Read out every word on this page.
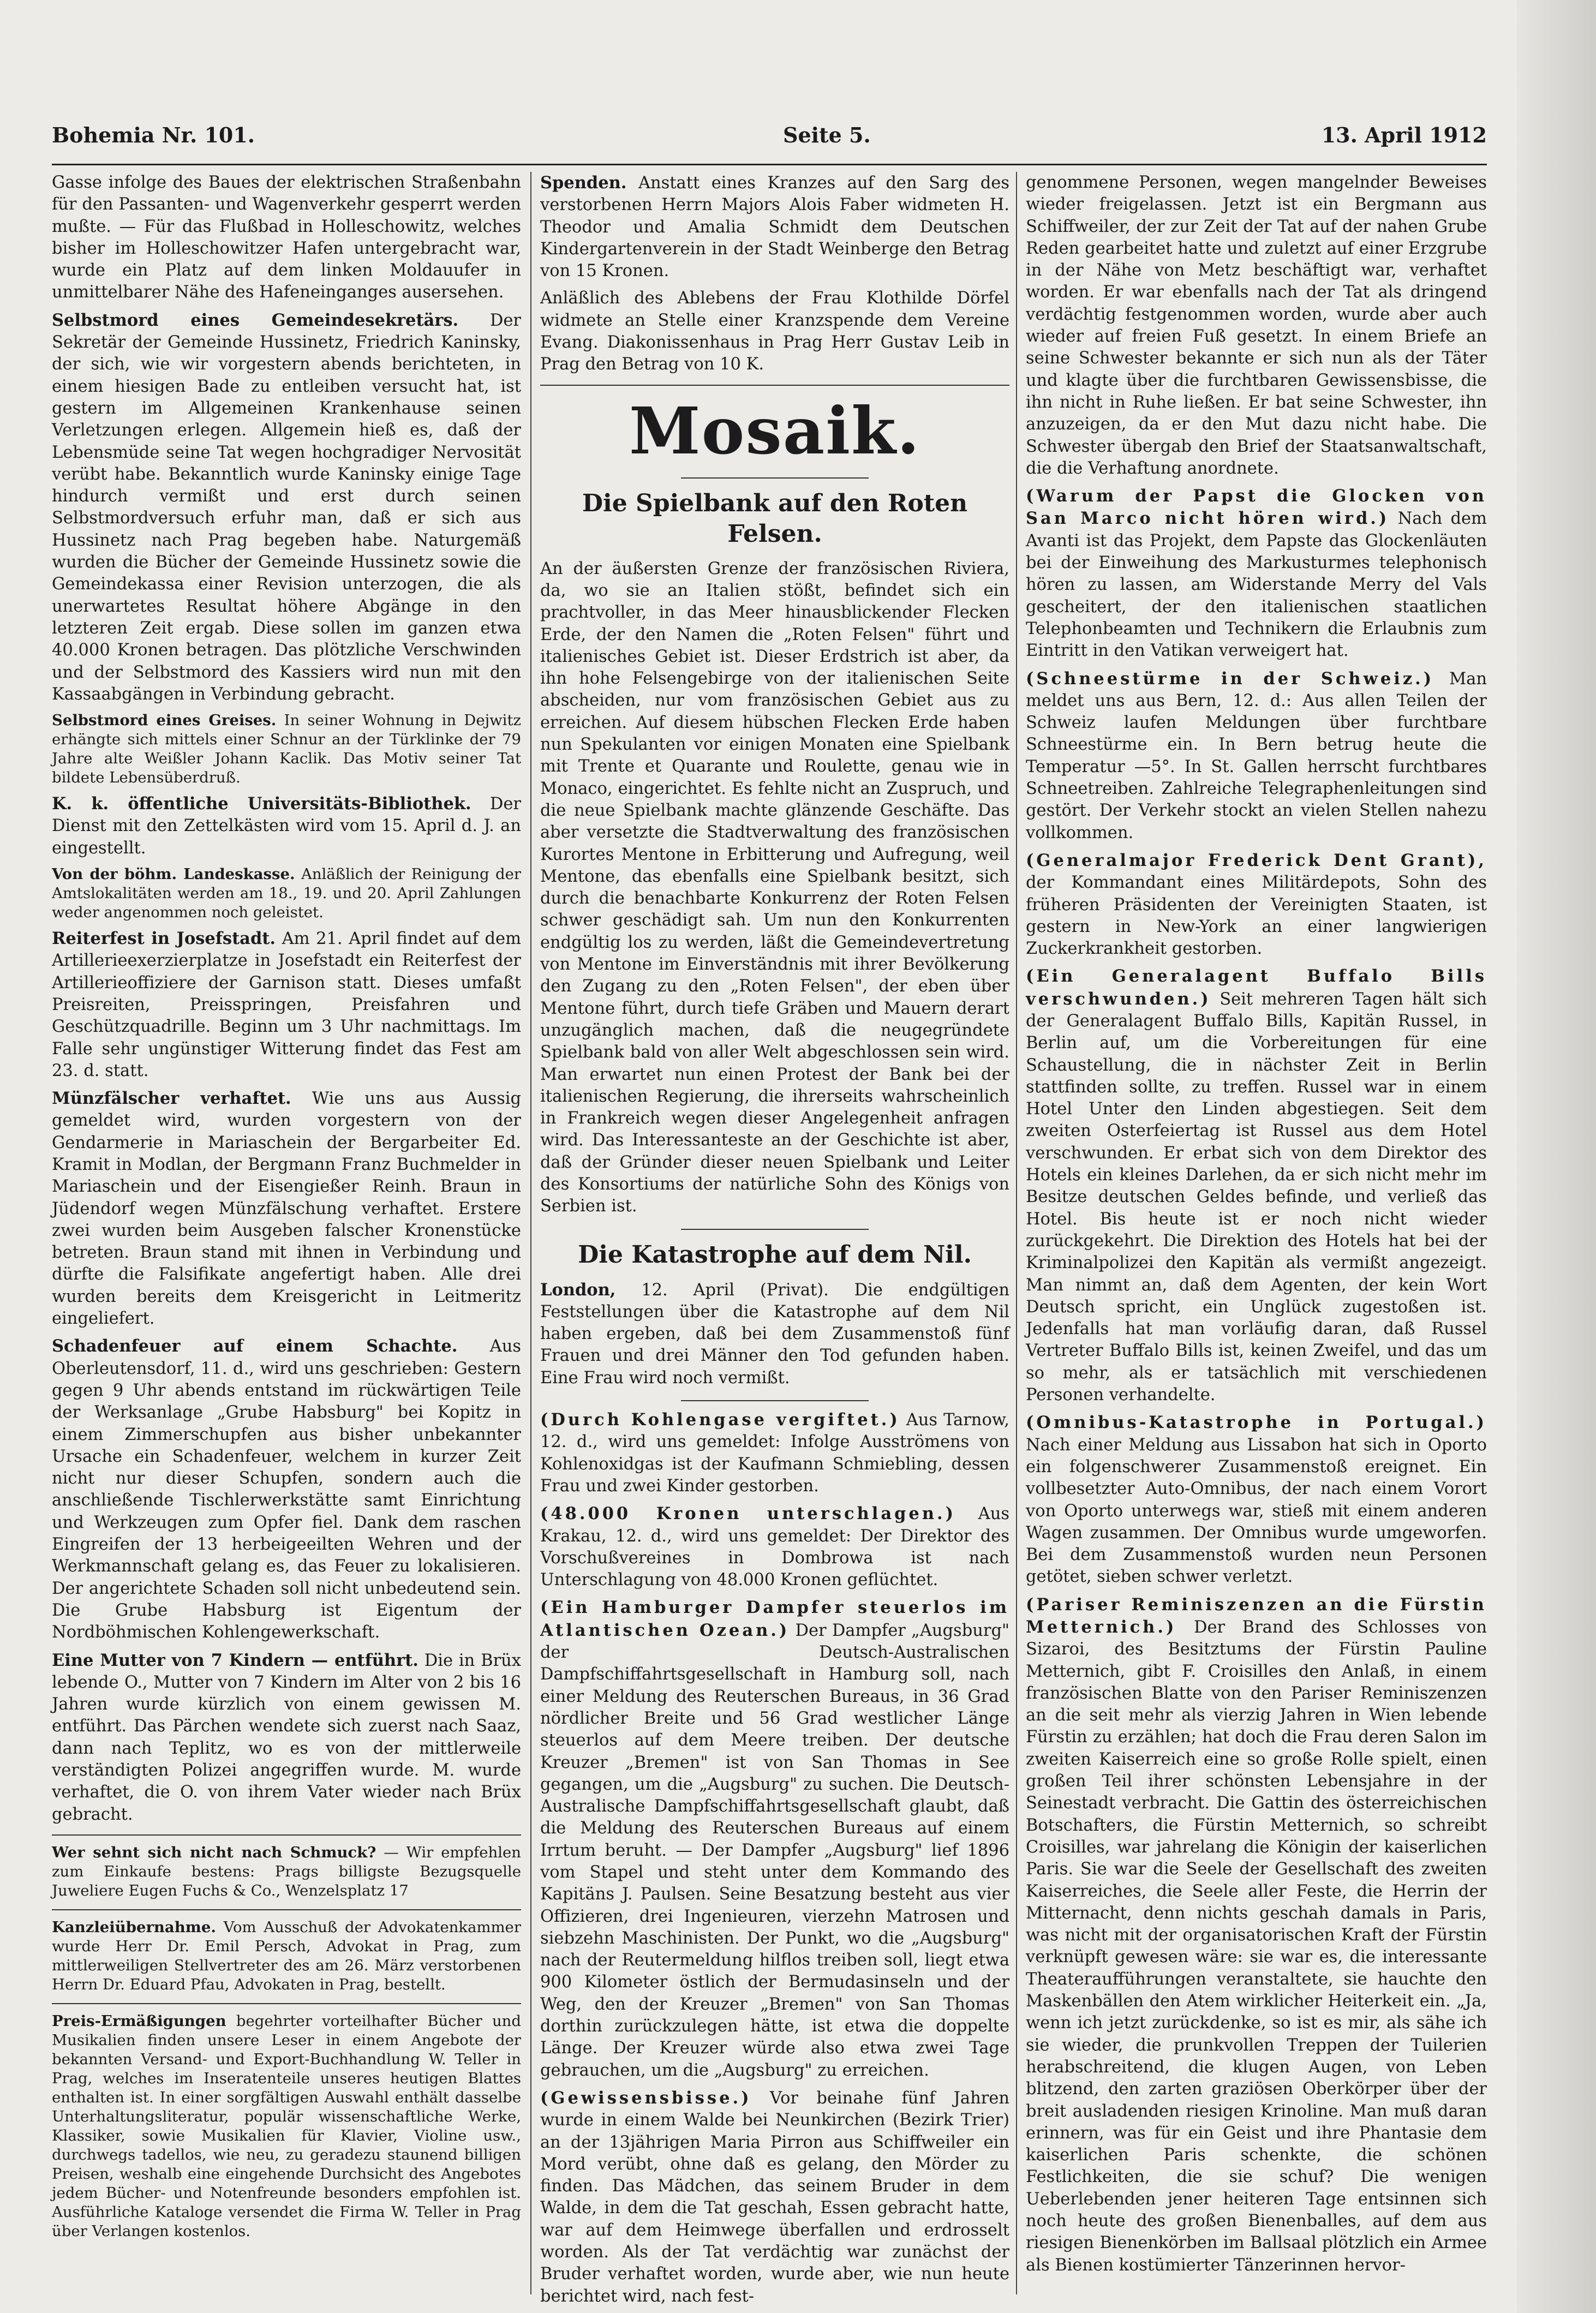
Bohemia Nr. 101.	Seite 5.	13. April 1912

Gasse infolge des Baues der elektrischen Straßenbahn für den Passanten- und Wagenverkehr gesperrt werden mußte. — Für das Flußbad in Holleschowitz, welches bisher im Holleschowitzer Hafen untergebracht war, wurde ein Platz auf dem linken Moldauufer in unmittelbarer Nähe des Hafeneinganges ausersehen.

Selbstmord eines Gemeindesekretärs. Der Sekretär der Gemeinde Hussinetz, Friedrich Kaninsky, der sich, wie wir vorgestern abends berichteten, in einem hiesigen Bade zu entleiben versucht hat, ist gestern im Allgemeinen Krankenhause seinen Verletzungen erlegen. Allgemein hieß es, daß der Lebensmüde seine Tat wegen hochgradiger Nervosität verübt habe. Bekanntlich wurde Kaninsky einige Tage hindurch vermißt und erst durch seinen Selbstmordversuch erfuhr man, daß er sich aus Hussinetz nach Prag begeben habe. Naturgemäß wurden die Bücher der Gemeinde Hussinetz sowie die Gemeindekassa einer Revision unterzogen, die als unerwartetes Resultat höhere Abgänge in den letzteren Zeit ergab. Diese sollen im ganzen etwa 40.000 Kronen betragen. Das plötzliche Verschwinden und der Selbstmord des Kassiers wird nun mit den Kassaabgängen in Verbindung gebracht.

Selbstmord eines Greises. In seiner Wohnung in Dejwitz erhängte sich mittels einer Schnur an der Türklinke der 79 Jahre alte Weißler Johann Kaclik. Das Motiv seiner Tat bildete Lebensüberdruß.

K. k. öffentliche Universitäts-Bibliothek. Der Dienst mit den Zettelkästen wird vom 15. April d. J. an eingestellt.

Von der böhm. Landeskasse. Anläßlich der Reinigung der Amtslokalitäten werden am 18., 19. und 20. April Zahlungen weder angenommen noch geleistet.

Reiterfest in Josefstadt. Am 21. April findet auf dem Artillerieexerzierplatze in Josefstadt ein Reiterfest der Artillerieoffiziere der Garnison statt. Dieses umfaßt Preisreiten, Preisspringen, Preisfahren und Geschützquadrille. Beginn um 3 Uhr nachmittags. Im Falle sehr ungünstiger Witterung findet das Fest am 23. d. statt.

Münzfälscher verhaftet. Wie uns aus Aussig gemeldet wird, wurden vorgestern von der Gendarmerie in Mariaschein der Bergarbeiter Ed. Kramit in Modlan, der Bergmann Franz Buchmelder in Mariaschein und der Eisengießer Reinh. Braun in Jüdendorf wegen Münzfälschung verhaftet. Erstere zwei wurden beim Ausgeben falscher Kronenstücke betreten. Braun stand mit ihnen in Verbindung und dürfte die Falsifikate angefertigt haben. Alle drei wurden bereits dem Kreisgericht in Leitmeritz eingeliefert.

Schadenfeuer auf einem Schachte. Aus Oberleutensdorf, 11. d., wird uns geschrieben: Gestern gegen 9 Uhr abends entstand im rückwärtigen Teile der Werksanlage „Grube Habsburg" bei Kopitz in einem Zimmerschupfen aus bisher unbekannter Ursache ein Schadenfeuer, welchem in kurzer Zeit nicht nur dieser Schupfen, sondern auch die anschließende Tischlerwerkstätte samt Einrichtung und Werkzeugen zum Opfer fiel. Dank dem raschen Eingreifen der 13 herbeigeeilten Wehren und der Werkmannschaft gelang es, das Feuer zu lokalisieren. Der angerichtete Schaden soll nicht unbedeutend sein. Die Grube Habsburg ist Eigentum der Nordböhmischen Kohlengewerkschaft.

Eine Mutter von 7 Kindern — entführt. Die in Brüx lebende O., Mutter von 7 Kindern im Alter von 2 bis 16 Jahren wurde kürzlich von einem gewissen M. entführt. Das Pärchen wendete sich zuerst nach Saaz, dann nach Teplitz, wo es von der mittlerweile verständigten Polizei angegriffen wurde. M. wurde verhaftet, die O. von ihrem Vater wieder nach Brüx gebracht.

Wer sehnt sich nicht nach Schmuck? — Wir empfehlen zum Einkaufe bestens: Prags billigste Bezugsquelle Juweliere Eugen Fuchs & Co., Wenzelsplatz 17

Kanzleiübernahme. Vom Ausschuß der Advokatenkammer wurde Herr Dr. Emil Persch, Advokat in Prag, zum mittlerweiligen Stellvertreter des am 26. März verstorbenen Herrn Dr. Eduard Pfau, Advokaten in Prag, bestellt.

Preis-Ermäßigungen begehrter vorteilhafter Bücher und Musikalien finden unsere Leser in einem Angebote der bekannten Versand- und Export-Buchhandlung W. Teller in Prag, welches im Inseratenteile unseres heutigen Blattes enthalten ist. In einer sorgfältigen Auswahl enthält dasselbe Unterhaltungsliteratur, populär wissenschaftliche Werke, Klassiker, sowie Musikalien für Klavier, Violine usw., durchwegs tadellos, wie neu, zu geradezu staunend billigen Preisen, weshalb eine eingehende Durchsicht des Angebotes jedem Bücher- und Notenfreunde besonders empfohlen ist. Ausführliche Kataloge versendet die Firma W. Teller in Prag über Verlangen kostenlos.

Spenden. Anstatt eines Kranzes auf den Sarg des verstorbenen Herrn Majors Alois Faber widmeten H. Theodor und Amalia Schmidt dem Deutschen Kindergartenverein in der Stadt Weinberge den Betrag von 15 Kronen.

Anläßlich des Ablebens der Frau Klothilde Dörfel widmete an Stelle einer Kranzspende dem Vereine Evang. Diakonissenhaus in Prag Herr Gustav Leib in Prag den Betrag von 10 K.

Mosaik.
Die Spielbank auf den Roten Felsen.

An der äußersten Grenze der französischen Riviera, da, wo sie an Italien stößt, befindet sich ein prachtvoller, in das Meer hinausblickender Flecken Erde, der den Namen die „Roten Felsen" führt und italienisches Gebiet ist. Dieser Erdstrich ist aber, da ihn hohe Felsengebirge von der italienischen Seite abscheiden, nur vom französischen Gebiet aus zu erreichen. Auf diesem hübschen Flecken Erde haben nun Spekulanten vor einigen Monaten eine Spielbank mit Trente et Quarante und Roulette, genau wie in Monaco, eingerichtet. Es fehlte nicht an Zuspruch, und die neue Spielbank machte glänzende Geschäfte. Das aber versetzte die Stadtverwaltung des französischen Kurortes Mentone in Erbitterung und Aufregung, weil Mentone, das ebenfalls eine Spielbank besitzt, sich durch die benachbarte Konkurrenz der Roten Felsen schwer geschädigt sah. Um nun den Konkurrenten endgültig los zu werden, läßt die Gemeindevertretung von Mentone im Einverständnis mit ihrer Bevölkerung den Zugang zu den „Roten Felsen", der eben über Mentone führt, durch tiefe Gräben und Mauern derart unzugänglich machen, daß die neugegründete Spielbank bald von aller Welt abgeschlossen sein wird. Man erwartet nun einen Protest der Bank bei der italienischen Regierung, die ihrerseits wahrscheinlich in Frankreich wegen dieser Angelegenheit anfragen wird. Das Interessanteste an der Geschichte ist aber, daß der Gründer dieser neuen Spielbank und Leiter des Konsortiums der natürliche Sohn des Königs von Serbien ist.

Die Katastrophe auf dem Nil.

London, 12. April (Privat). Die endgültigen Feststellungen über die Katastrophe auf dem Nil haben ergeben, daß bei dem Zusammenstoß fünf Frauen und drei Männer den Tod gefunden haben. Eine Frau wird noch vermißt.

(Durch Kohlengase vergiftet.) Aus Tarnow, 12. d., wird uns gemeldet: Infolge Ausströmens von Kohlenoxidgas ist der Kaufmann Schmiebling, dessen Frau und zwei Kinder gestorben.

(48.000 Kronen unterschlagen.) Aus Krakau, 12. d., wird uns gemeldet: Der Direktor des Vorschußvereines in Dombrowa ist nach Unterschlagung von 48.000 Kronen geflüchtet.

(Ein Hamburger Dampfer steuerlos im Atlantischen Ozean.) Der Dampfer „Augsburg" der Deutsch-Australischen Dampfschiffahrtsgesellschaft in Hamburg soll, nach einer Meldung des Reuterschen Bureaus, in 36 Grad nördlicher Breite und 56 Grad westlicher Länge steuerlos auf dem Meere treiben. Der deutsche Kreuzer „Bremen" ist von San Thomas in See gegangen, um die „Augsburg" zu suchen. Die Deutsch-Australische Dampfschiffahrtsgesellschaft glaubt, daß die Meldung des Reuterschen Bureaus auf einem Irrtum beruht. — Der Dampfer „Augsburg" lief 1896 vom Stapel und steht unter dem Kommando des Kapitäns J. Paulsen. Seine Besatzung besteht aus vier Offizieren, drei Ingenieuren, vierzehn Matrosen und siebzehn Maschinisten. Der Punkt, wo die „Augsburg" nach der Reutermeldung hilflos treiben soll, liegt etwa 900 Kilometer östlich der Bermudasinseln und der Weg, den der Kreuzer „Bremen" von San Thomas dorthin zurückzulegen hätte, ist etwa die doppelte Länge. Der Kreuzer würde also etwa zwei Tage gebrauchen, um die „Augsburg" zu erreichen.

(Gewissensbisse.) Vor beinahe fünf Jahren wurde in einem Walde bei Neunkirchen (Bezirk Trier) an der 13jährigen Maria Pirron aus Schiffweiler ein Mord verübt, ohne daß es gelang, den Mörder zu finden. Das Mädchen, das seinem Bruder in dem Walde, in dem die Tat geschah, Essen gebracht hatte, war auf dem Heimwege überfallen und erdrosselt worden. Als der Tat verdächtig war zunächst der Bruder verhaftet worden, wurde aber, wie nun heute berichtet wird, nach fest-

genommene Personen, wegen mangelnder Beweises wieder freigelassen. Jetzt ist ein Bergmann aus Schiffweiler, der zur Zeit der Tat auf der nahen Grube Reden gearbeitet hatte und zuletzt auf einer Erzgrube in der Nähe von Metz beschäftigt war, verhaftet worden. Er war ebenfalls nach der Tat als dringend verdächtig festgenommen worden, wurde aber auch wieder auf freien Fuß gesetzt. In einem Briefe an seine Schwester bekannte er sich nun als der Täter und klagte über die furchtbaren Gewissensbisse, die ihn nicht in Ruhe ließen. Er bat seine Schwester, ihn anzuzeigen, da er den Mut dazu nicht habe. Die Schwester übergab den Brief der Staatsanwaltschaft, die die Verhaftung anordnete.

(Warum der Papst die Glocken von San Marco nicht hören wird.) Nach dem Avanti ist das Projekt, dem Papste das Glockenläuten bei der Einweihung des Markusturmes telephonisch hören zu lassen, am Widerstande Merry del Vals gescheitert, der den italienischen staatlichen Telephonbeamten und Technikern die Erlaubnis zum Eintritt in den Vatikan verweigert hat.

(Schneestürme in der Schweiz.) Man meldet uns aus Bern, 12. d.: Aus allen Teilen der Schweiz laufen Meldungen über furchtbare Schneestürme ein. In Bern betrug heute die Temperatur —5°. In St. Gallen herrscht furchtbares Schneetreiben. Zahlreiche Telegraphenleitungen sind gestört. Der Verkehr stockt an vielen Stellen nahezu vollkommen.

(Generalmajor Frederick Dent Grant), der Kommandant eines Militärdepots, Sohn des früheren Präsidenten der Vereinigten Staaten, ist gestern in New-York an einer langwierigen Zuckerkrankheit gestorben.

(Ein Generalagent Buffalo Bills verschwunden.) Seit mehreren Tagen hält sich der Generalagent Buffalo Bills, Kapitän Russel, in Berlin auf, um die Vorbereitungen für eine Schaustellung, die in nächster Zeit in Berlin stattfinden sollte, zu treffen. Russel war in einem Hotel Unter den Linden abgestiegen. Seit dem zweiten Osterfeiertag ist Russel aus dem Hotel verschwunden. Er erbat sich von dem Direktor des Hotels ein kleines Darlehen, da er sich nicht mehr im Besitze deutschen Geldes befinde, und verließ das Hotel. Bis heute ist er noch nicht wieder zurückgekehrt. Die Direktion des Hotels hat bei der Kriminalpolizei den Kapitän als vermißt angezeigt. Man nimmt an, daß dem Agenten, der kein Wort Deutsch spricht, ein Unglück zugestoßen ist. Jedenfalls hat man vorläufig daran, daß Russel Vertreter Buffalo Bills ist, keinen Zweifel, und das um so mehr, als er tatsächlich mit verschiedenen Personen verhandelte.

(Omnibus-Katastrophe in Portugal.) Nach einer Meldung aus Lissabon hat sich in Oporto ein folgenschwerer Zusammenstoß ereignet. Ein vollbesetzter Auto-Omnibus, der nach einem Vorort von Oporto unterwegs war, stieß mit einem anderen Wagen zusammen. Der Omnibus wurde umgeworfen. Bei dem Zusammenstoß wurden neun Personen getötet, sieben schwer verletzt.

(Pariser Reminiszenzen an die Fürstin Metternich.) Der Brand des Schlosses von Sizaroi, des Besitztums der Fürstin Pauline Metternich, gibt F. Croisilles den Anlaß, in einem französischen Blatte von den Pariser Reminiszenzen an die seit mehr als vierzig Jahren in Wien lebende Fürstin zu erzählen; hat doch die Frau deren Salon im zweiten Kaiserreich eine so große Rolle spielt, einen großen Teil ihrer schönsten Lebensjahre in der Seinestadt verbracht. Die Gattin des österreichischen Botschafters, die Fürstin Metternich, so schreibt Croisilles, war jahrelang die Königin der kaiserlichen Paris. Sie war die Seele der Gesellschaft des zweiten Kaiserreiches, die Seele aller Feste, die Herrin der Mitternacht, denn nichts geschah damals in Paris, was nicht mit der organisatorischen Kraft der Fürstin verknüpft gewesen wäre: sie war es, die interessante Theateraufführungen veranstaltete, sie hauchte den Maskenbällen den Atem wirklicher Heiterkeit ein. „Ja, wenn ich jetzt zurückdenke, so ist es mir, als sähe ich sie wieder, die prunkvollen Treppen der Tuilerien herabschreitend, die klugen Augen, von Leben blitzend, den zarten graziösen Oberkörper über der breit ausladenden riesigen Krinoline. Man muß daran erinnern, was für ein Geist und ihre Phantasie dem kaiserlichen Paris schenkte, die schönen Festlichkeiten, die sie schuf? Die wenigen Ueberlebenden jener heiteren Tage entsinnen sich noch heute des großen Bienenballes, auf dem aus riesigen Bienenkörben im Ballsaal plötzlich ein Armee als Bienen kostümierter Tänzerinnen hervor-
